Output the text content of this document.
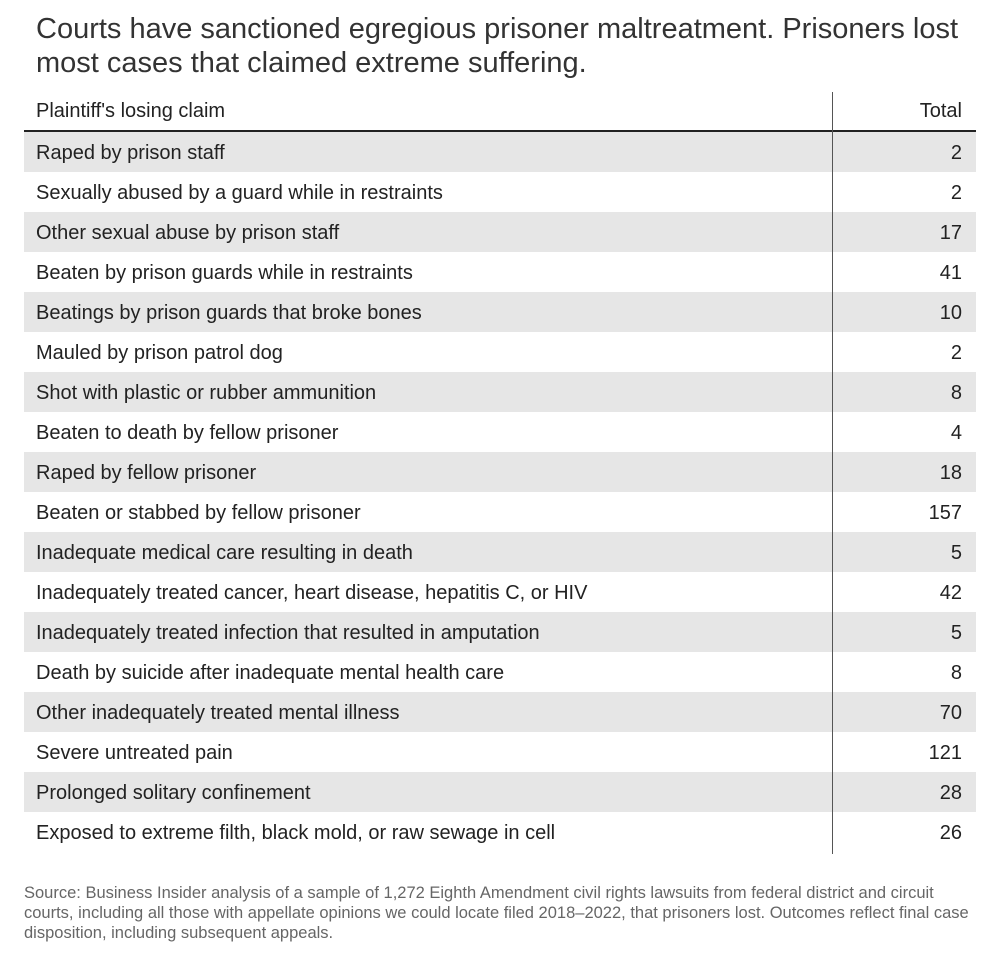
Courts have sanctioned egregious prisoner maltreatment. Prisoners lost most cases that claimed extreme suffering.
Plaintiff's losing claim	Total
Raped by prison staff	2
Sexually abused by a guard while in restraints	2
Other sexual abuse by prison staff	17
Beaten by prison guards while in restraints	41
Beatings by prison guards that broke bones	10
Mauled by prison patrol dog	2
Shot with plastic or rubber ammunition	8
Beaten to death by fellow prisoner	4
Raped by fellow prisoner	18
Beaten or stabbed by fellow prisoner	157
Inadequate medical care resulting in death	5
Inadequately treated cancer, heart disease, hepatitis C, or HIV	42
Inadequately treated infection that resulted in amputation	5
Death by suicide after inadequate mental health care	8
Other inadequately treated mental illness	70
Severe untreated pain	121
Prolonged solitary confinement	28
Exposed to extreme filth, black mold, or raw sewage in cell	26
Source: Business Insider analysis of a sample of 1,272 Eighth Amendment civil rights lawsuits from federal district and circuit courts, including all those with appellate opinions we could locate filed 2018–2022, that prisoners lost. Outcomes reflect final case disposition, including subsequent appeals.
